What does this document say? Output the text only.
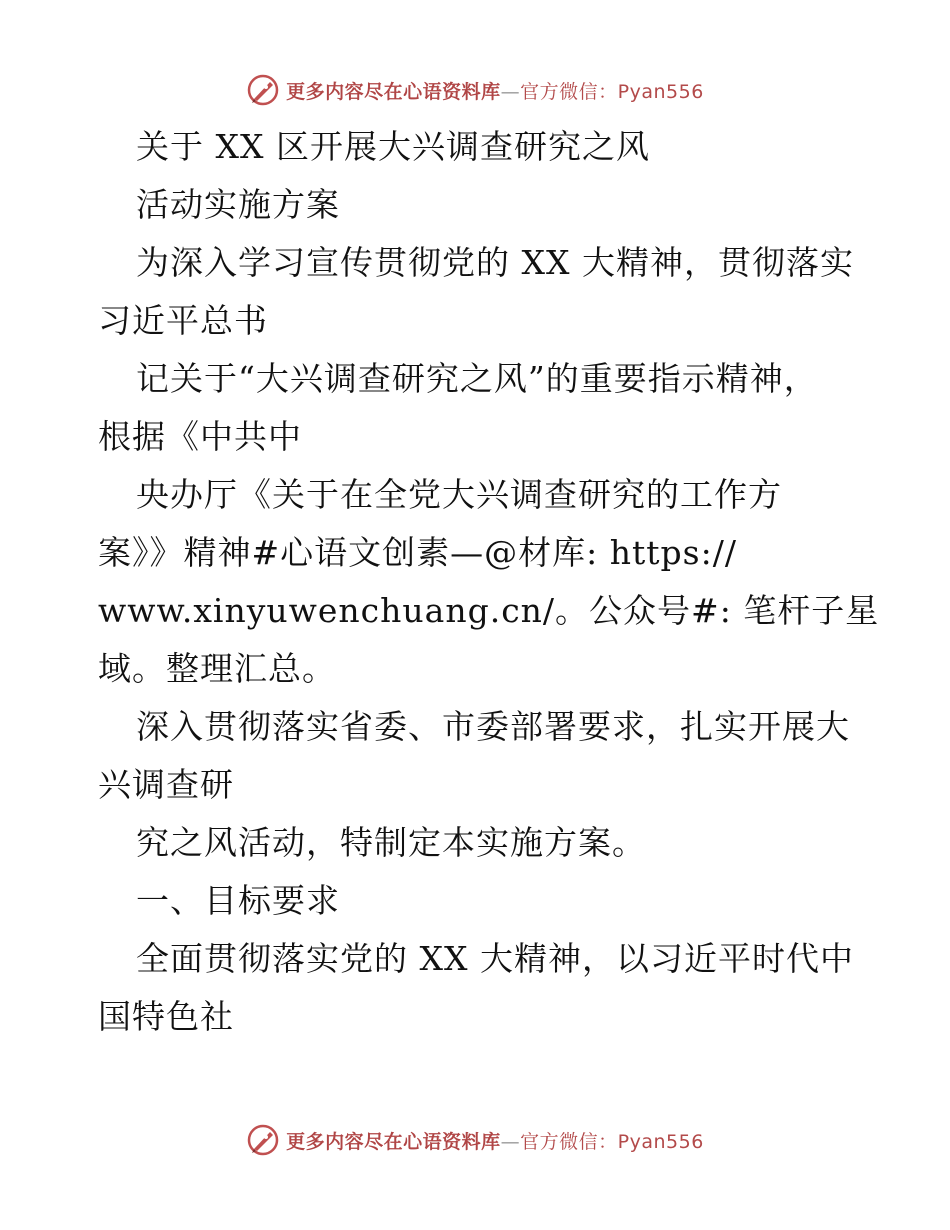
更多内容尽在心语资料库—官方微信：Pyan556
关于 XX 区开展大兴调查研究之风
活动实施方案
为深入学习宣传贯彻党的 XX 大精神，贯彻落实
习近平总书
记关于“大兴调查研究之风”的重要指示精神，
根据《中共中
央办厅《关于在全党大兴调查研究的工作方
案》》精神#心语文创素—@材库: https://
www.xinyuwenchuang.cn/。公众号#: 笔杆子星
域。整理汇总。
深入贯彻落实省委、市委部署要求，扎实开展大
兴调查研
究之风活动，特制定本实施方案。
一、目标要求
全面贯彻落实党的 XX 大精神，以习近平时代中
国特色社
更多内容尽在心语资料库—官方微信：Pyan556
